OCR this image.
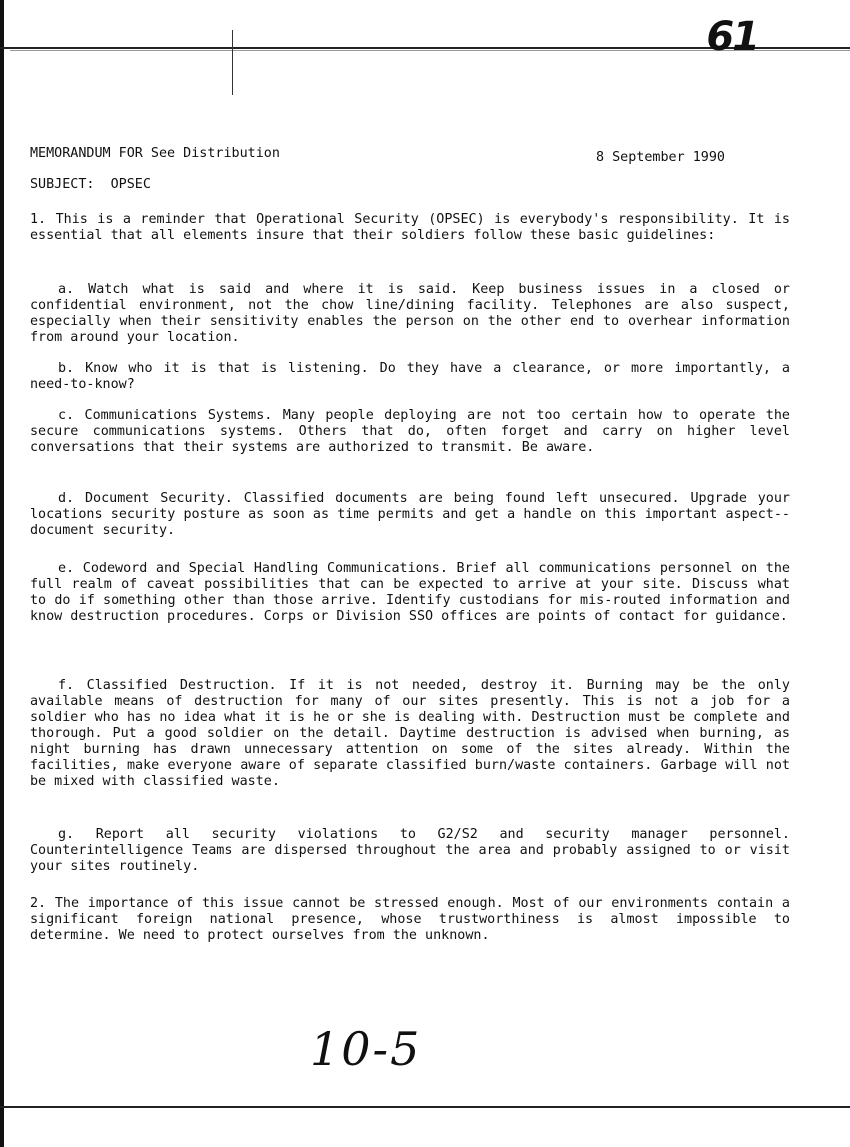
61
MEMORANDUM FOR See Distribution	8 September 1990
SUBJECT:  OPSEC
1. This is a reminder that Operational Security (OPSEC) is everybody's responsibility. It is essential that all elements insure that their soldiers follow these basic guidelines:
a. Watch what is said and where it is said. Keep business issues in a closed or confidential environment, not the chow line/dining facility. Telephones are also suspect, especially when their sensitivity enables the person on the other end to overhear information from around your location.
b. Know who it is that is listening. Do they have a clearance, or more importantly, a need-to-know?
c. Communications Systems. Many people deploying are not too certain how to operate the secure communications systems. Others that do, often forget and carry on higher level conversations that their systems are authorized to transmit. Be aware.
d. Document Security. Classified documents are being found left unsecured. Upgrade your locations security posture as soon as time permits and get a handle on this important aspect--document security.
e. Codeword and Special Handling Communications. Brief all communications personnel on the full realm of caveat possibilities that can be expected to arrive at your site. Discuss what to do if something other than those arrive. Identify custodians for mis-routed information and know destruction procedures. Corps or Division SSO offices are points of contact for guidance.
f. Classified Destruction. If it is not needed, destroy it. Burning may be the only available means of destruction for many of our sites presently. This is not a job for a soldier who has no idea what it is he or she is dealing with. Destruction must be complete and thorough. Put a good soldier on the detail. Daytime destruction is advised when burning, as night burning has drawn unnecessary attention on some of the sites already. Within the facilities, make everyone aware of separate classified burn/waste containers. Garbage will not be mixed with classified waste.
g. Report all security violations to G2/S2 and security manager personnel. Counterintelligence Teams are dispersed throughout the area and probably assigned to or visit your sites routinely.
2. The importance of this issue cannot be stressed enough. Most of our environments contain a significant foreign national presence, whose trustworthiness is almost impossible to determine. We need to protect ourselves from the unknown.
10-5
